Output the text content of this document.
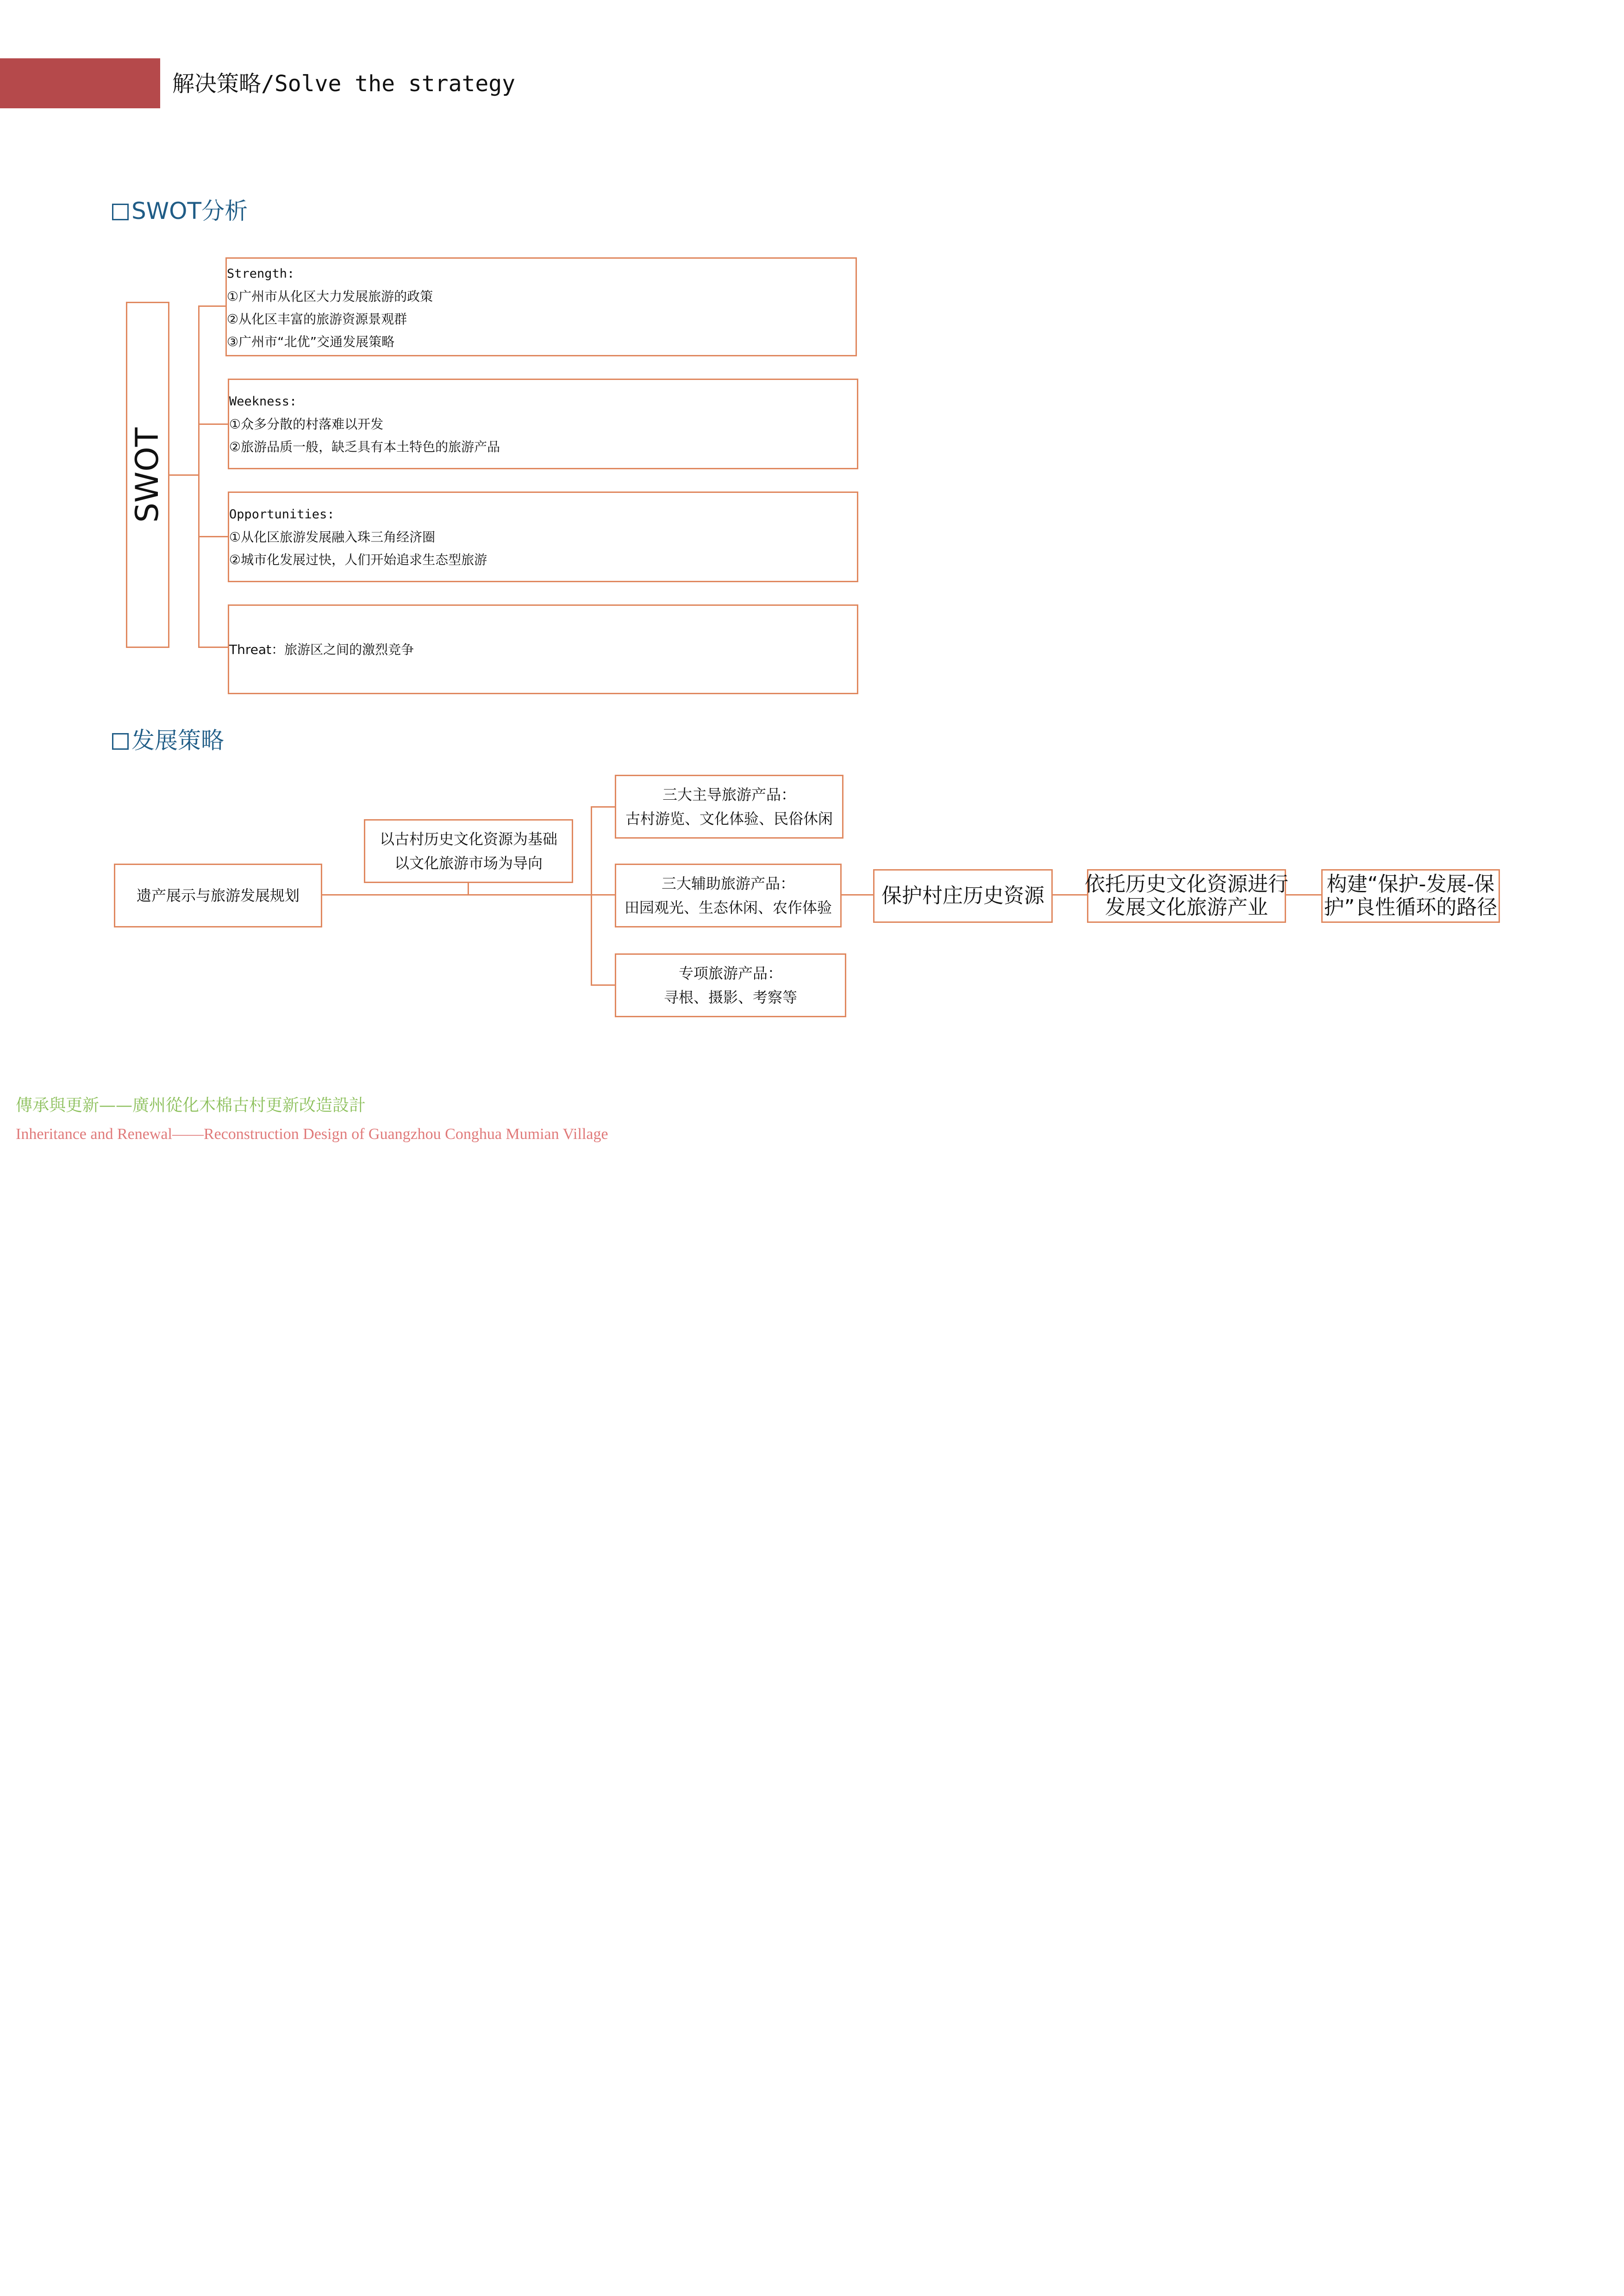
解决策略/Solve the strategy
SWOT分析
SWOT
Strength:
①广州市从化区大力发展旅游的政策
②从化区丰富的旅游资源景观群
③广州市“北优”交通发展策略
Weekness:
①众多分散的村落难以开发
②旅游品质一般，缺乏具有本土特色的旅游产品
Opportunities:
①从化区旅游发展融入珠三角经济圈
②城市化发展过快，人们开始追求生态型旅游
Threat：旅游区之间的激烈竞争
发展策略
遗产展示与旅游发展规划
以古村历史文化资源为基础
以文化旅游市场为导向
三大主导旅游产品：
古村游览、文化体验、民俗休闲
三大辅助旅游产品：
田园观光、生态休闲、农作体验
专项旅游产品：
寻根、摄影、考察等
保护村庄历史资源 依托历史文化资源进行
发展文化旅游产业
构建“保护-发展-保
护”良性循环的路径
傳承與更新——廣州從化木棉古村更新改造設計
Inheritance and Renewal——Reconstruction Design of Guangzhou Conghua Mumian Village
